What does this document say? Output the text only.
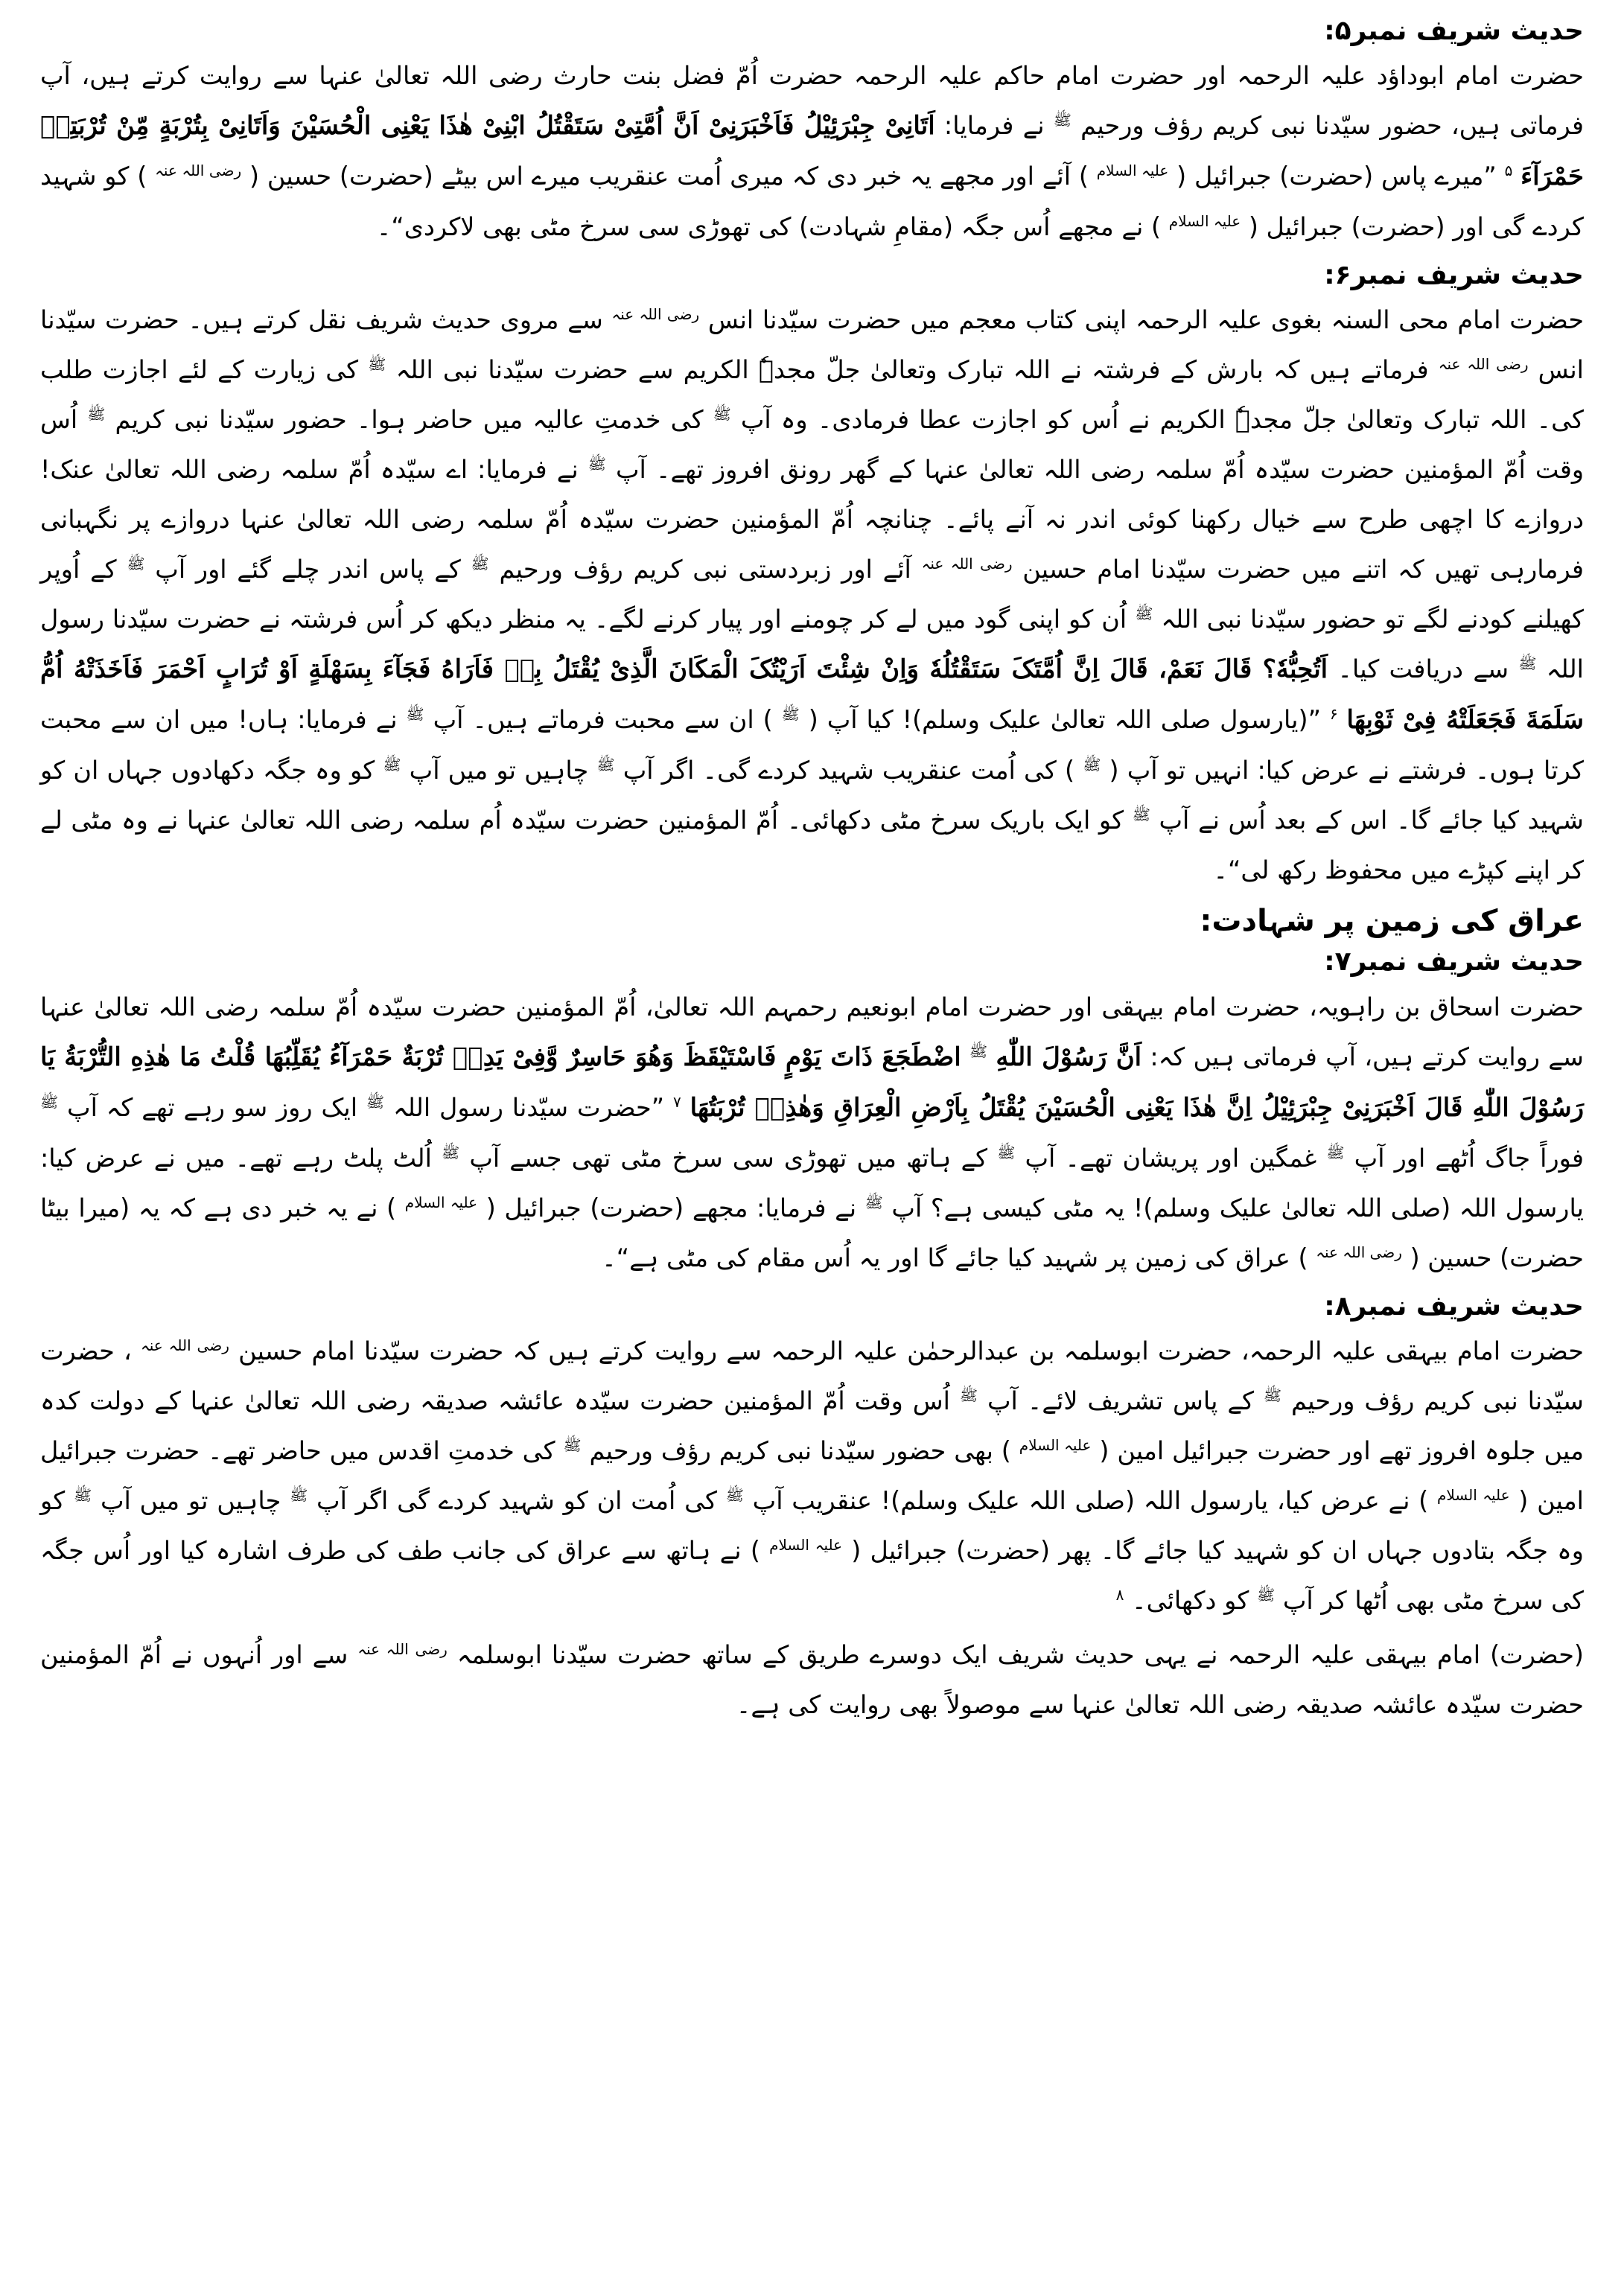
حدیث شریف نمبر۵:

حضرت امام ابوداؤد علیہ الرحمہ اور حضرت امام حاکم علیہ الرحمہ حضرت اُمّ فضل بنت حارث رضی اللہ تعالیٰ عنہا سے روایت کرتے ہیں، آپ فرماتی ہیں، حضور سیّدنا نبی کریم رؤف ورحیم $^ﷺ$ نے فرمایا: اَتَانِیْ جِبْرَئِیْلُ فَاَخْبَرَنِیْ اَنَّ اُمَّتِیْ سَتَقْتُلُ ابْنِیْ هٰذَا یَعْنِی الْحُسَیْنَ وَاَتَانِیْ بِتُرْبَةٍ مِّنْ تُرْبَتِهٖ حَمْرَآءَ $^۵$ ”میرے پاس (حضرت) جبرائیل ( $^{علیہ السلام}$ ) آئے اور مجھے یہ خبر دی کہ میری اُمت عنقریب میرے اس بیٹے (حضرت) حسین ( $^{رضی اللہ عنہ}$ ) کو شہید کردے گی اور (حضرت) جبرائیل ( $^{علیہ السلام}$ ) نے مجھے اُس جگہ (مقامِ شہادت) کی تھوڑی سی سرخ مٹی بھی لاکردی“۔

حدیث شریف نمبر۶:

حضرت امام محی السنہ بغوی علیہ الرحمہ اپنی کتاب معجم میں حضرت سیّدنا انس $^{رضی اللہ عنہ}$ سے مروی حدیث شریف نقل کرتے ہیں۔ حضرت سیّدنا انس $^{رضی اللہ عنہ}$ فرماتے ہیں کہ بارش کے فرشتہ نے اللہ تبارک وتعالیٰ جلّ مجدہٗ الکریم سے حضرت سیّدنا نبی اللہ $^ﷺ$ کی زیارت کے لئے اجازت طلب کی۔ اللہ تبارک وتعالیٰ جلّ مجدہٗ الکریم نے اُس کو اجازت عطا فرمادی۔ وہ آپ $^ﷺ$ کی خدمتِ عالیہ میں حاضر ہوا۔ حضور سیّدنا نبی کریم $^ﷺ$ اُس وقت اُمّ المؤمنین حضرت سیّدہ اُمّ سلمہ رضی اللہ تعالیٰ عنہا کے گھر رونق افروز تھے۔ آپ $^ﷺ$ نے فرمایا: اے سیّدہ اُمّ سلمہ رضی اللہ تعالیٰ عنک! دروازے کا اچھی طرح سے خیال رکھنا کوئی اندر نہ آنے پائے۔ چنانچہ اُمّ المؤمنین حضرت سیّدہ اُمّ سلمہ رضی اللہ تعالیٰ عنہا دروازے پر نگہبانی فرمارہی تھیں کہ اتنے میں حضرت سیّدنا امام حسین $^{رضی اللہ عنہ}$ آئے اور زبردستی نبی کریم رؤف ورحیم $^ﷺ$ کے پاس اندر چلے گئے اور آپ $^ﷺ$ کے اُوپر کھیلنے کودنے لگے تو حضور سیّدنا نبی اللہ $^ﷺ$ اُن کو اپنی گود میں لے کر چومنے اور پیار کرنے لگے۔ یہ منظر دیکھ کر اُس فرشتہ نے حضرت سیّدنا رسول اللہ $^ﷺ$ سے دریافت کیا۔ اَتُحِبُّهٗ؟ قَالَ نَعَمْ، قَالَ اِنَّ اُمَّتَکَ سَتَقْتُلُهٗ وَاِنْ شِئْتَ اَرَیْتُکَ الْمَکَانَ الَّذِیْ یُقْتَلُ بِهٖ فَاَرَاهُ فَجَآءَ بِسَهْلَةٍ اَوْ تُرَابٍ اَحْمَرَ فَاَخَذَتْهُ اُمُّ سَلَمَةَ فَجَعَلَتْهُ فِیْ ثَوْبِهَا $^۶$ ”(یارسول صلی اللہ تعالیٰ علیک وسلم)! کیا آپ ( $^ﷺ$ ) ان سے محبت فرماتے ہیں۔ آپ $^ﷺ$ نے فرمایا: ہاں! میں ان سے محبت کرتا ہوں۔ فرشتے نے عرض کیا: انہیں تو آپ ( $^ﷺ$ ) کی اُمت عنقریب شہید کردے گی۔ اگر آپ $^ﷺ$ چاہیں تو میں آپ $^ﷺ$ کو وہ جگہ دکھادوں جہاں ان کو شہید کیا جائے گا۔ اس کے بعد اُس نے آپ $^ﷺ$ کو ایک باریک سرخ مٹی دکھائی۔ اُمّ المؤمنین حضرت سیّدہ اُم سلمہ رضی اللہ تعالیٰ عنہا نے وہ مٹی لے کر اپنے کپڑے میں محفوظ رکھ لی“۔

عراق کی زمین پر شہادت:
حدیث شریف نمبر۷:

حضرت اسحاق بن راہویہ، حضرت امام بیہقی اور حضرت امام ابونعیم رحمہم اللہ تعالیٰ، اُمّ المؤمنین حضرت سیّدہ اُمّ سلمہ رضی اللہ تعالیٰ عنہا سے روایت کرتے ہیں، آپ فرماتی ہیں کہ: اَنَّ رَسُوْلَ اللّٰهِ $^ﷺ$ اضْطَجَعَ ذَاتَ یَوْمٍ فَاسْتَیْقَظَ وَهُوَ حَاسِرٌ وَّفِیْ یَدِهٖ تُرْبَةٌ حَمْرَآءُ یُقَلِّبُهَا قُلْتُ مَا هٰذِهِ التُّرْبَةُ یَا رَسُوْلَ اللّٰهِ قَالَ اَخْبَرَنِیْ جِبْرَئِیْلُ اِنَّ هٰذَا یَعْنِی الْحُسَیْنَ یُقْتَلُ بِاَرْضِ الْعِرَاقِ وَهٰذِهٖ تُرْبَتُهَا $^۷$ ”حضرت سیّدنا رسول اللہ $^ﷺ$ ایک روز سو رہے تھے کہ آپ $^ﷺ$ فوراً جاگ اُٹھے اور آپ $^ﷺ$ غمگین اور پریشان تھے۔ آپ $^ﷺ$ کے ہاتھ میں تھوڑی سی سرخ مٹی تھی جسے آپ $^ﷺ$ اُلٹ پلٹ رہے تھے۔ میں نے عرض کیا: یارسول اللہ (صلی اللہ تعالیٰ علیک وسلم)! یہ مٹی کیسی ہے؟ آپ $^ﷺ$ نے فرمایا: مجھے (حضرت) جبرائیل ( $^{علیہ السلام}$ ) نے یہ خبر دی ہے کہ یہ (میرا بیٹا حضرت) حسین ( $^{رضی اللہ عنہ}$ ) عراق کی زمین پر شہید کیا جائے گا اور یہ اُس مقام کی مٹی ہے“۔

حدیث شریف نمبر۸:

حضرت امام بیہقی علیہ الرحمہ، حضرت ابوسلمہ بن عبدالرحمٰن علیہ الرحمہ سے روایت کرتے ہیں کہ حضرت سیّدنا امام حسین $^{رضی اللہ عنہ}$ ، حضرت سیّدنا نبی کریم رؤف ورحیم $^ﷺ$ کے پاس تشریف لائے۔ آپ $^ﷺ$ اُس وقت اُمّ المؤمنین حضرت سیّدہ عائشہ صدیقہ رضی اللہ تعالیٰ عنہا کے دولت کدہ میں جلوہ افروز تھے اور حضرت جبرائیل امین ( $^{علیہ السلام}$ ) بھی حضور سیّدنا نبی کریم رؤف ورحیم $^ﷺ$ کی خدمتِ اقدس میں حاضر تھے۔ حضرت جبرائیل امین ( $^{علیہ السلام}$ ) نے عرض کیا، یارسول اللہ (صلی اللہ علیک وسلم)! عنقریب آپ $^ﷺ$ کی اُمت ان کو شہید کردے گی اگر آپ $^ﷺ$ چاہیں تو میں آپ $^ﷺ$ کو وہ جگہ بتادوں جہاں ان کو شہید کیا جائے گا۔ پھر (حضرت) جبرائیل ( $^{علیہ السلام}$ ) نے ہاتھ سے عراق کی جانب طف کی طرف اشارہ کیا اور اُس جگہ کی سرخ مٹی بھی اُٹھا کر آپ $^ﷺ$ کو دکھائی۔ $^۸$

(حضرت) امام بیہقی علیہ الرحمہ نے یہی حدیث شریف ایک دوسرے طریق کے ساتھ حضرت سیّدنا ابوسلمہ $^{رضی اللہ عنہ}$ سے اور اُنہوں نے اُمّ المؤمنین حضرت سیّدہ عائشہ صدیقہ رضی اللہ تعالیٰ عنہا سے موصولاً بھی روایت کی ہے۔
